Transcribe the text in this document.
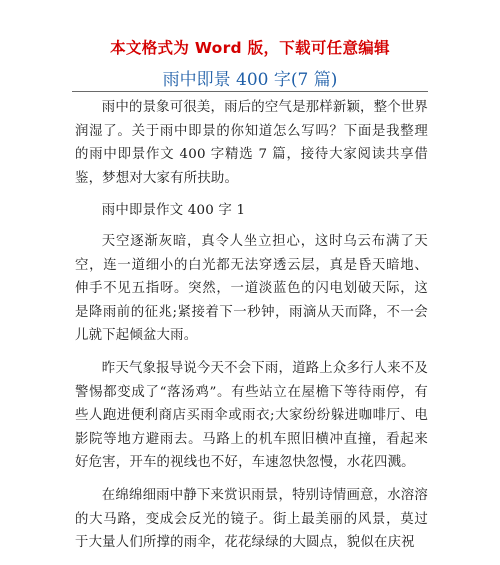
本文格式为 Word 版，下载可任意编辑
雨中即景 400 字(7 篇)

雨中的景象可很美，雨后的空气是那样新颖，整个世界润湿了。关于雨中即景的你知道怎么写吗？下面是我整理的雨中即景作文 400 字精选 7 篇，接待大家阅读共享借鉴，梦想对大家有所扶助。

雨中即景作文 400 字 1

天空逐渐灰暗，真令人坐立担心，这时乌云布满了天空，连一道细小的白光都无法穿透云层，真是昏天暗地、伸手不见五指呀。突然，一道淡蓝色的闪电划破天际，这是降雨前的征兆;紧接着下一秒钟，雨滴从天而降，不一会儿就下起倾盆大雨。

昨天气象报导说今天不会下雨，道路上众多行人来不及警惕都变成了“落汤鸡”。有些站立在屋檐下等待雨停，有些人跑进便利商店买雨伞或雨衣;大家纷纷躲进咖啡厅、电影院等地方避雨去。马路上的机车照旧横冲直撞，看起来好危害，开车的视线也不好，车速忽快忽慢，水花四溅。

在绵绵细雨中静下来赏识雨景，特别诗情画意，水溶溶的大马路，变成会反光的镜子。街上最美丽的风景，莫过于大量人们所撑的雨伞，花花绿绿的大圆点，貌似在庆祝
